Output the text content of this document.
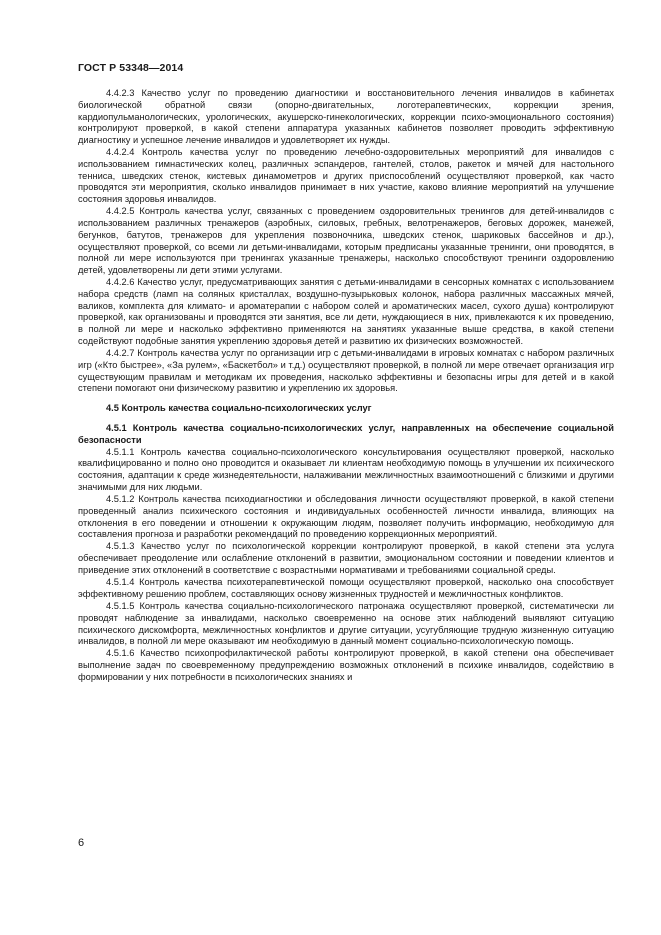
ГОСТ Р 53348—2014

4.4.2.3 Качество услуг по проведению диагностики и восстановительного лечения инвалидов в кабинетах биологической обратной связи (опорно-двигательных, логотерапевтических, коррекции зрения, кардиопульманологических, урологических, акушерско-гинекологических, коррекции психо-эмоционального состояния) контролируют проверкой, в какой степени аппаратура указанных кабинетов позволяет проводить эффективную диагностику и успешное лечение инвалидов и удовлетворяет их нужды.

4.4.2.4 Контроль качества услуг по проведению лечебно-оздоровительных мероприятий для инвалидов с использованием гимнастических колец, различных эспандеров, гантелей, столов, ракеток и мячей для настольного тенниса, шведских стенок, кистевых динамометров и других приспособлений осуществляют проверкой, как часто проводятся эти мероприятия, сколько инвалидов принимает в них участие, каково влияние мероприятий на улучшение состояния здоровья инвалидов.

4.4.2.5 Контроль качества услуг, связанных с проведением оздоровительных тренингов для детей-инвалидов с использованием различных тренажеров (аэробных, силовых, гребных, велотренажеров, беговых дорожек, манежей, бегунков, батутов, тренажеров для укрепления позвоночника, шведских стенок, шариковых бассейнов и др.), осуществляют проверкой, со всеми ли детьми-инвалидами, которым предписаны указанные тренинги, они проводятся, в полной ли мере используются при тренингах указанные тренажеры, насколько способствуют тренинги оздоровлению детей, удовлетворены ли дети этими услугами.

4.4.2.6 Качество услуг, предусматривающих занятия с детьми-инвалидами в сенсорных комнатах с использованием набора средств (ламп на соляных кристаллах, воздушно-пузырьковых колонок, набора различных массажных мячей, валиков, комплекта для климато- и ароматерапии с набором солей и ароматических масел, сухого душа) контролируют проверкой, как организованы и проводятся эти занятия, все ли дети, нуждающиеся в них, привлекаются к их проведению, в полной ли мере и насколько эффективно применяются на занятиях указанные выше средства, в какой степени содействуют подобные занятия укреплению здоровья детей и развитию их физических возможностей.

4.4.2.7 Контроль качества услуг по организации игр с детьми-инвалидами в игровых комнатах с набором различных игр («Кто быстрее», «За рулем», «Баскетбол» и т.д.) осуществляют проверкой, в полной ли мере отвечает организация игр существующим правилам и методикам их проведения, насколько эффективны и безопасны игры для детей и в какой степени помогают они физическому развитию и укреплению их здоровья.

4.5 Контроль качества социально-психологических услуг

4.5.1 Контроль качества социально-психологических услуг, направленных на обеспечение социальной безопасности

4.5.1.1 Контроль качества социально-психологического консультирования осуществляют проверкой, насколько квалифицированно и полно оно проводится и оказывает ли клиентам необходимую помощь в улучшении их психического состояния, адаптации к среде жизнедеятельности, налаживании межличностных взаимоотношений с близкими и другими значимыми для них людьми.

4.5.1.2 Контроль качества психодиагностики и обследования личности осуществляют проверкой, в какой степени проведенный анализ психического состояния и индивидуальных особенностей личности инвалида, влияющих на отклонения в его поведении и отношении к окружающим людям, позволяет получить информацию, необходимую для составления прогноза и разработки рекомендаций по проведению коррекционных мероприятий.

4.5.1.3 Качество услуг по психологической коррекции контролируют проверкой, в какой степени эта услуга обеспечивает преодоление или ослабление отклонений в развитии, эмоциональном состоянии и поведении клиентов и приведение этих отклонений в соответствие с возрастными нормативами и требованиями социальной среды.

4.5.1.4 Контроль качества психотерапевтической помощи осуществляют проверкой, насколько она способствует эффективному решению проблем, составляющих основу жизненных трудностей и межличностных конфликтов.

4.5.1.5 Контроль качества социально-психологического патронажа осуществляют проверкой, систематически ли проводят наблюдение за инвалидами, насколько своевременно на основе этих наблюдений выявляют ситуацию психического дискомфорта, межличностных конфликтов и другие ситуации, усугубляющие трудную жизненную ситуацию инвалидов, в полной ли мере оказывают им необходимую в данный момент социально-психологическую помощь.

4.5.1.6 Качество психопрофилактической работы контролируют проверкой, в какой степени она обеспечивает выполнение задач по своевременному предупреждению возможных отклонений в психике инвалидов, содействию в формировании у них потребности в психологических знаниях и

6
